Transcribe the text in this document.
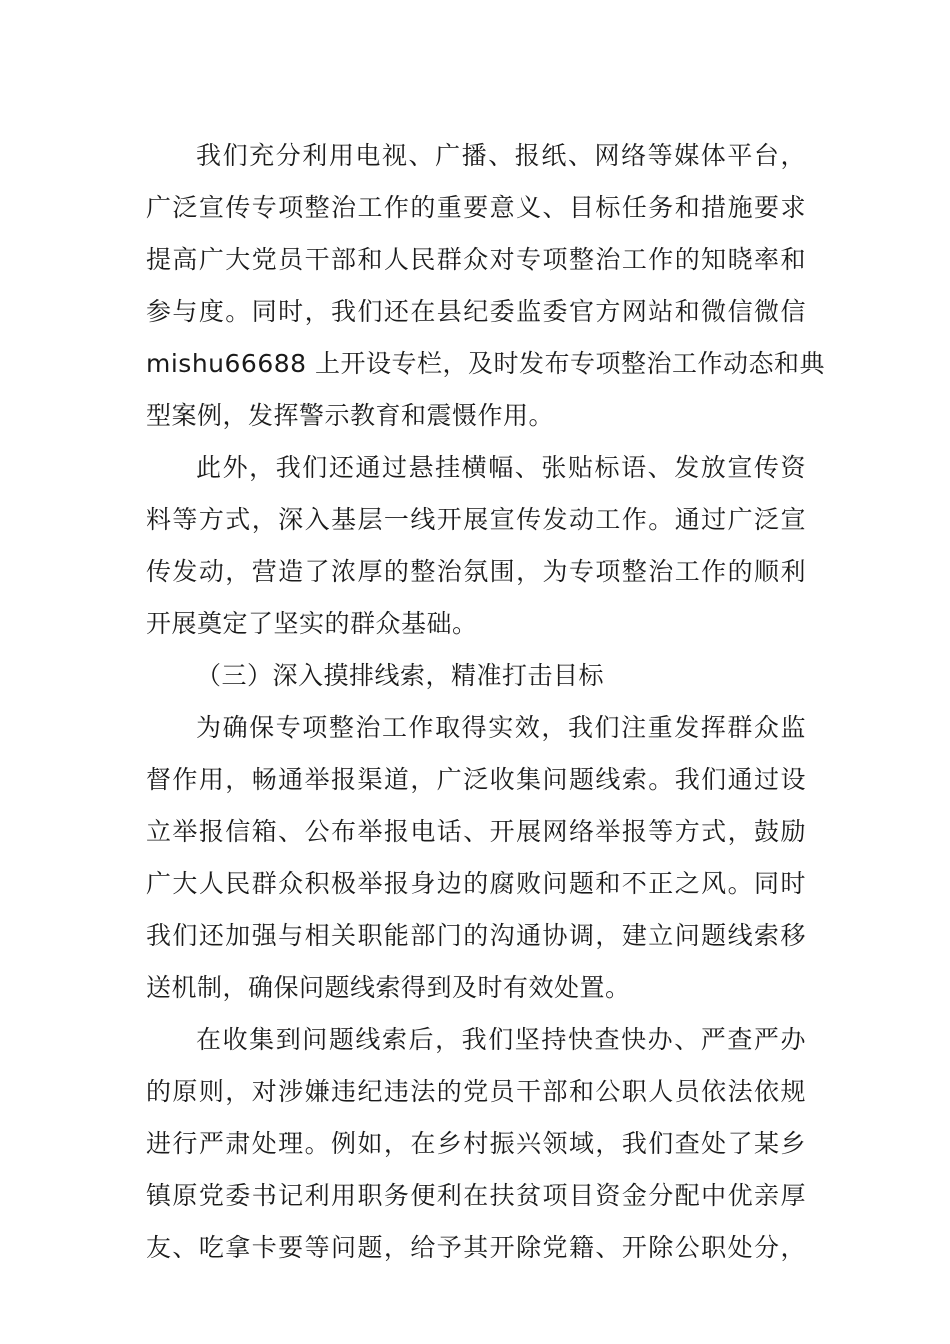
我们充分利用电视、广播、报纸、网络等媒体平台，
广泛宣传专项整治工作的重要意义、目标任务和措施要求
提高广大党员干部和人民群众对专项整治工作的知晓率和
参与度。同时，我们还在县纪委监委官方网站和微信微信
mishu66688 上开设专栏，及时发布专项整治工作动态和典
型案例，发挥警示教育和震慑作用。
此外，我们还通过悬挂横幅、张贴标语、发放宣传资
料等方式，深入基层一线开展宣传发动工作。通过广泛宣
传发动，营造了浓厚的整治氛围，为专项整治工作的顺利
开展奠定了坚实的群众基础。
（三）深入摸排线索，精准打击目标
为确保专项整治工作取得实效，我们注重发挥群众监
督作用，畅通举报渠道，广泛收集问题线索。我们通过设
立举报信箱、公布举报电话、开展网络举报等方式，鼓励
广大人民群众积极举报身边的腐败问题和不正之风。同时
我们还加强与相关职能部门的沟通协调，建立问题线索移
送机制，确保问题线索得到及时有效处置。
在收集到问题线索后，我们坚持快查快办、严查严办
的原则，对涉嫌违纪违法的党员干部和公职人员依法依规
进行严肃处理。例如，在乡村振兴领域，我们查处了某乡
镇原党委书记利用职务便利在扶贫项目资金分配中优亲厚
友、吃拿卡要等问题，给予其开除党籍、开除公职处分，
